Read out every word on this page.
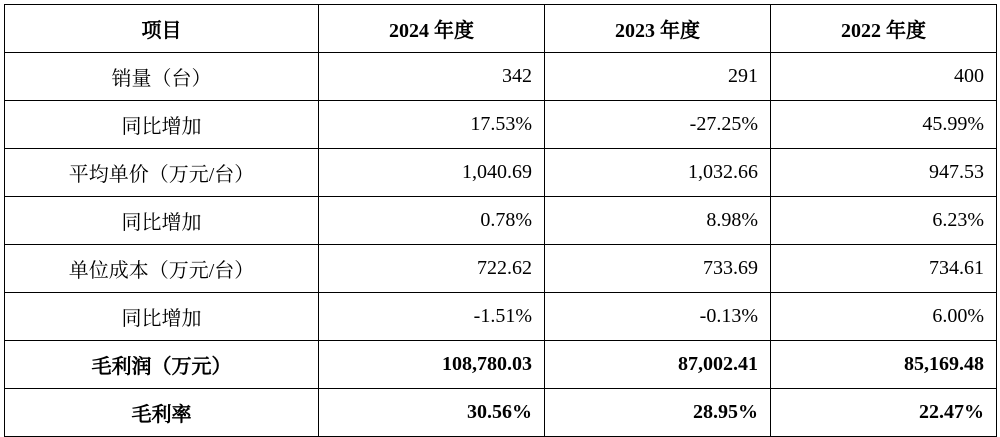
项目	2024 年度	2023 年度	2022 年度
销量（台）	342	291	400
同比增加	17.53%	-27.25%	45.99%
平均单价（万元/台）	1,040.69	1,032.66	947.53
同比增加	0.78%	8.98%	6.23%
单位成本（万元/台）	722.62	733.69	734.61
同比增加	-1.51%	-0.13%	6.00%
毛利润（万元）	108,780.03	87,002.41	85,169.48
毛利率	30.56%	28.95%	22.47%
